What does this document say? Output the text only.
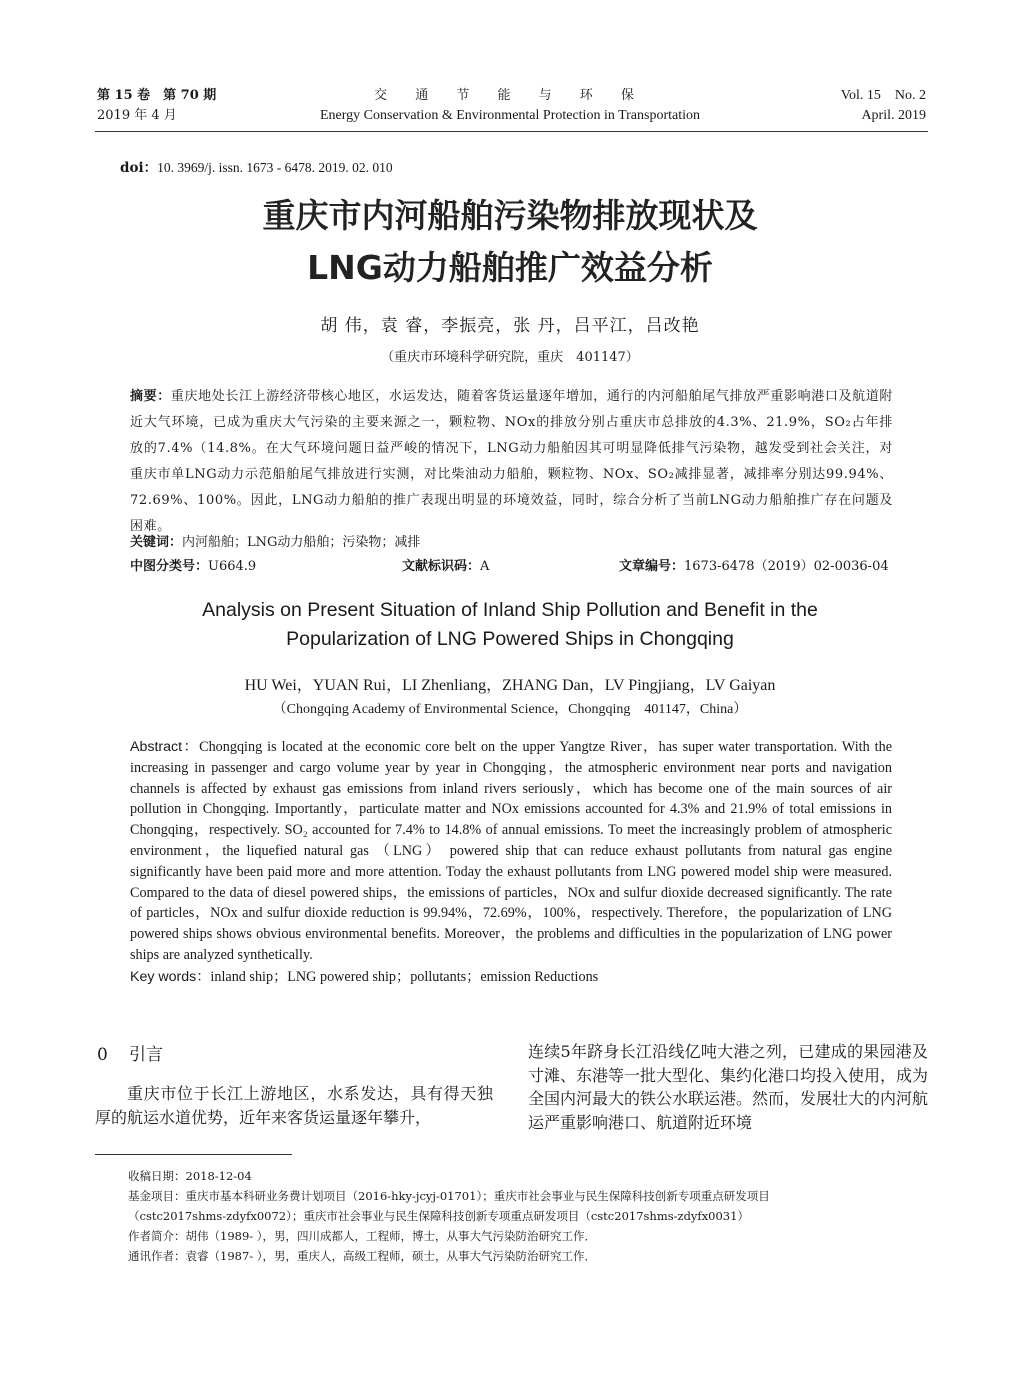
第 15 卷　第 70 期
2019 年 4 月
交 通 节 能 与 环 保
Energy Conservation & Environmental Protection in Transportation
Vol. 15　No. 2
April. 2019
doi：10. 3969/j. issn. 1673 - 6478. 2019. 02. 010
重庆市内河船舶污染物排放现状及
LNG动力船舶推广效益分析
胡 伟，袁 睿，李振亮，张 丹，吕平江，吕改艳
（重庆市环境科学研究院，重庆　401147）
摘要：重庆地处长江上游经济带核心地区，水运发达，随着客货运量逐年增加，通行的内河船舶尾气排放严重影响港口及航道附近大气环境，已成为重庆大气污染的主要来源之一，颗粒物、NOx的排放分别占重庆市总排放的4.3%、21.9%，SO₂占年排放的7.4%（14.8%。在大气环境问题日益严峻的情况下，LNG动力船舶因其可明显降低排气污染物，越发受到社会关注，对重庆市单LNG动力示范船舶尾气排放进行实测，对比柴油动力船舶，颗粒物、NOx、SO₂减排显著，减排率分别达99.94%、72.69%、100%。因此，LNG动力船舶的推广表现出明显的环境效益，同时，综合分析了当前LNG动力船舶推广存在问题及困难。
关键词：内河船舶；LNG动力船舶；污染物；减排
中图分类号：U664.9	文献标识码：A	文章编号：1673-6478（2019）02-0036-04
Analysis on Present Situation of Inland Ship Pollution and Benefit in the
Popularization of LNG Powered Ships in Chongqing
HU Wei，YUAN Rui，LI Zhenliang，ZHANG Dan，LV Pingjiang，LV Gaiyan
（Chongqing Academy of Environmental Science，Chongqing　401147，China）
Abstract：Chongqing is located at the economic core belt on the upper Yangtze River，has super water transportation. With the increasing in passenger and cargo volume year by year in Chongqing，the atmospheric environment near ports and navigation channels is affected by exhaust gas emissions from inland rivers seriously，which has become one of the main sources of air pollution in Chongqing. Importantly，particulate matter and NOx emissions accounted for 4.3% and 21.9% of total emissions in Chongqing，respectively. SO₂ accounted for 7.4% to 14.8% of annual emissions. To meet the increasingly problem of atmospheric environment，the liquefied natural gas （LNG） powered ship that can reduce exhaust pollutants from natural gas engine significantly have been paid more and more attention. Today the exhaust pollutants from LNG powered model ship were measured. Compared to the data of diesel powered ships，the emissions of particles，NOx and sulfur dioxide decreased significantly. The rate of particles，NOx and sulfur dioxide reduction is 99.94%，72.69%，100%，respectively. Therefore，the popularization of LNG powered ships shows obvious environmental benefits. Moreover，the problems and difficulties in the popularization of LNG power ships are analyzed synthetically.
Key words：inland ship；LNG powered ship；pollutants；emission Reductions
0 引言
重庆市位于长江上游地区，水系发达，具有得天独厚的航运水道优势，近年来客货运量逐年攀升，
连续5年跻身长江沿线亿吨大港之列，已建成的果园港及寸滩、东港等一批大型化、集约化港口均投入使用，成为全国内河最大的铁公水联运港。然而，发展壮大的内河航运严重影响港口、航道附近环境
收稿日期：2018-12-04
基金项目：重庆市基本科研业务费计划项目（2016-hky-jcyj-01701）；重庆市社会事业与民生保障科技创新专项重点研发项目
（cstc2017shms-zdyfx0072）；重庆市社会事业与民生保障科技创新专项重点研发项目（cstc2017shms-zdyfx0031）
作者简介：胡伟（1989- ），男，四川成都人，工程师，博士，从事大气污染防治研究工作．
通讯作者：袁睿（1987- ），男，重庆人，高级工程师，硕士，从事大气污染防治研究工作．
